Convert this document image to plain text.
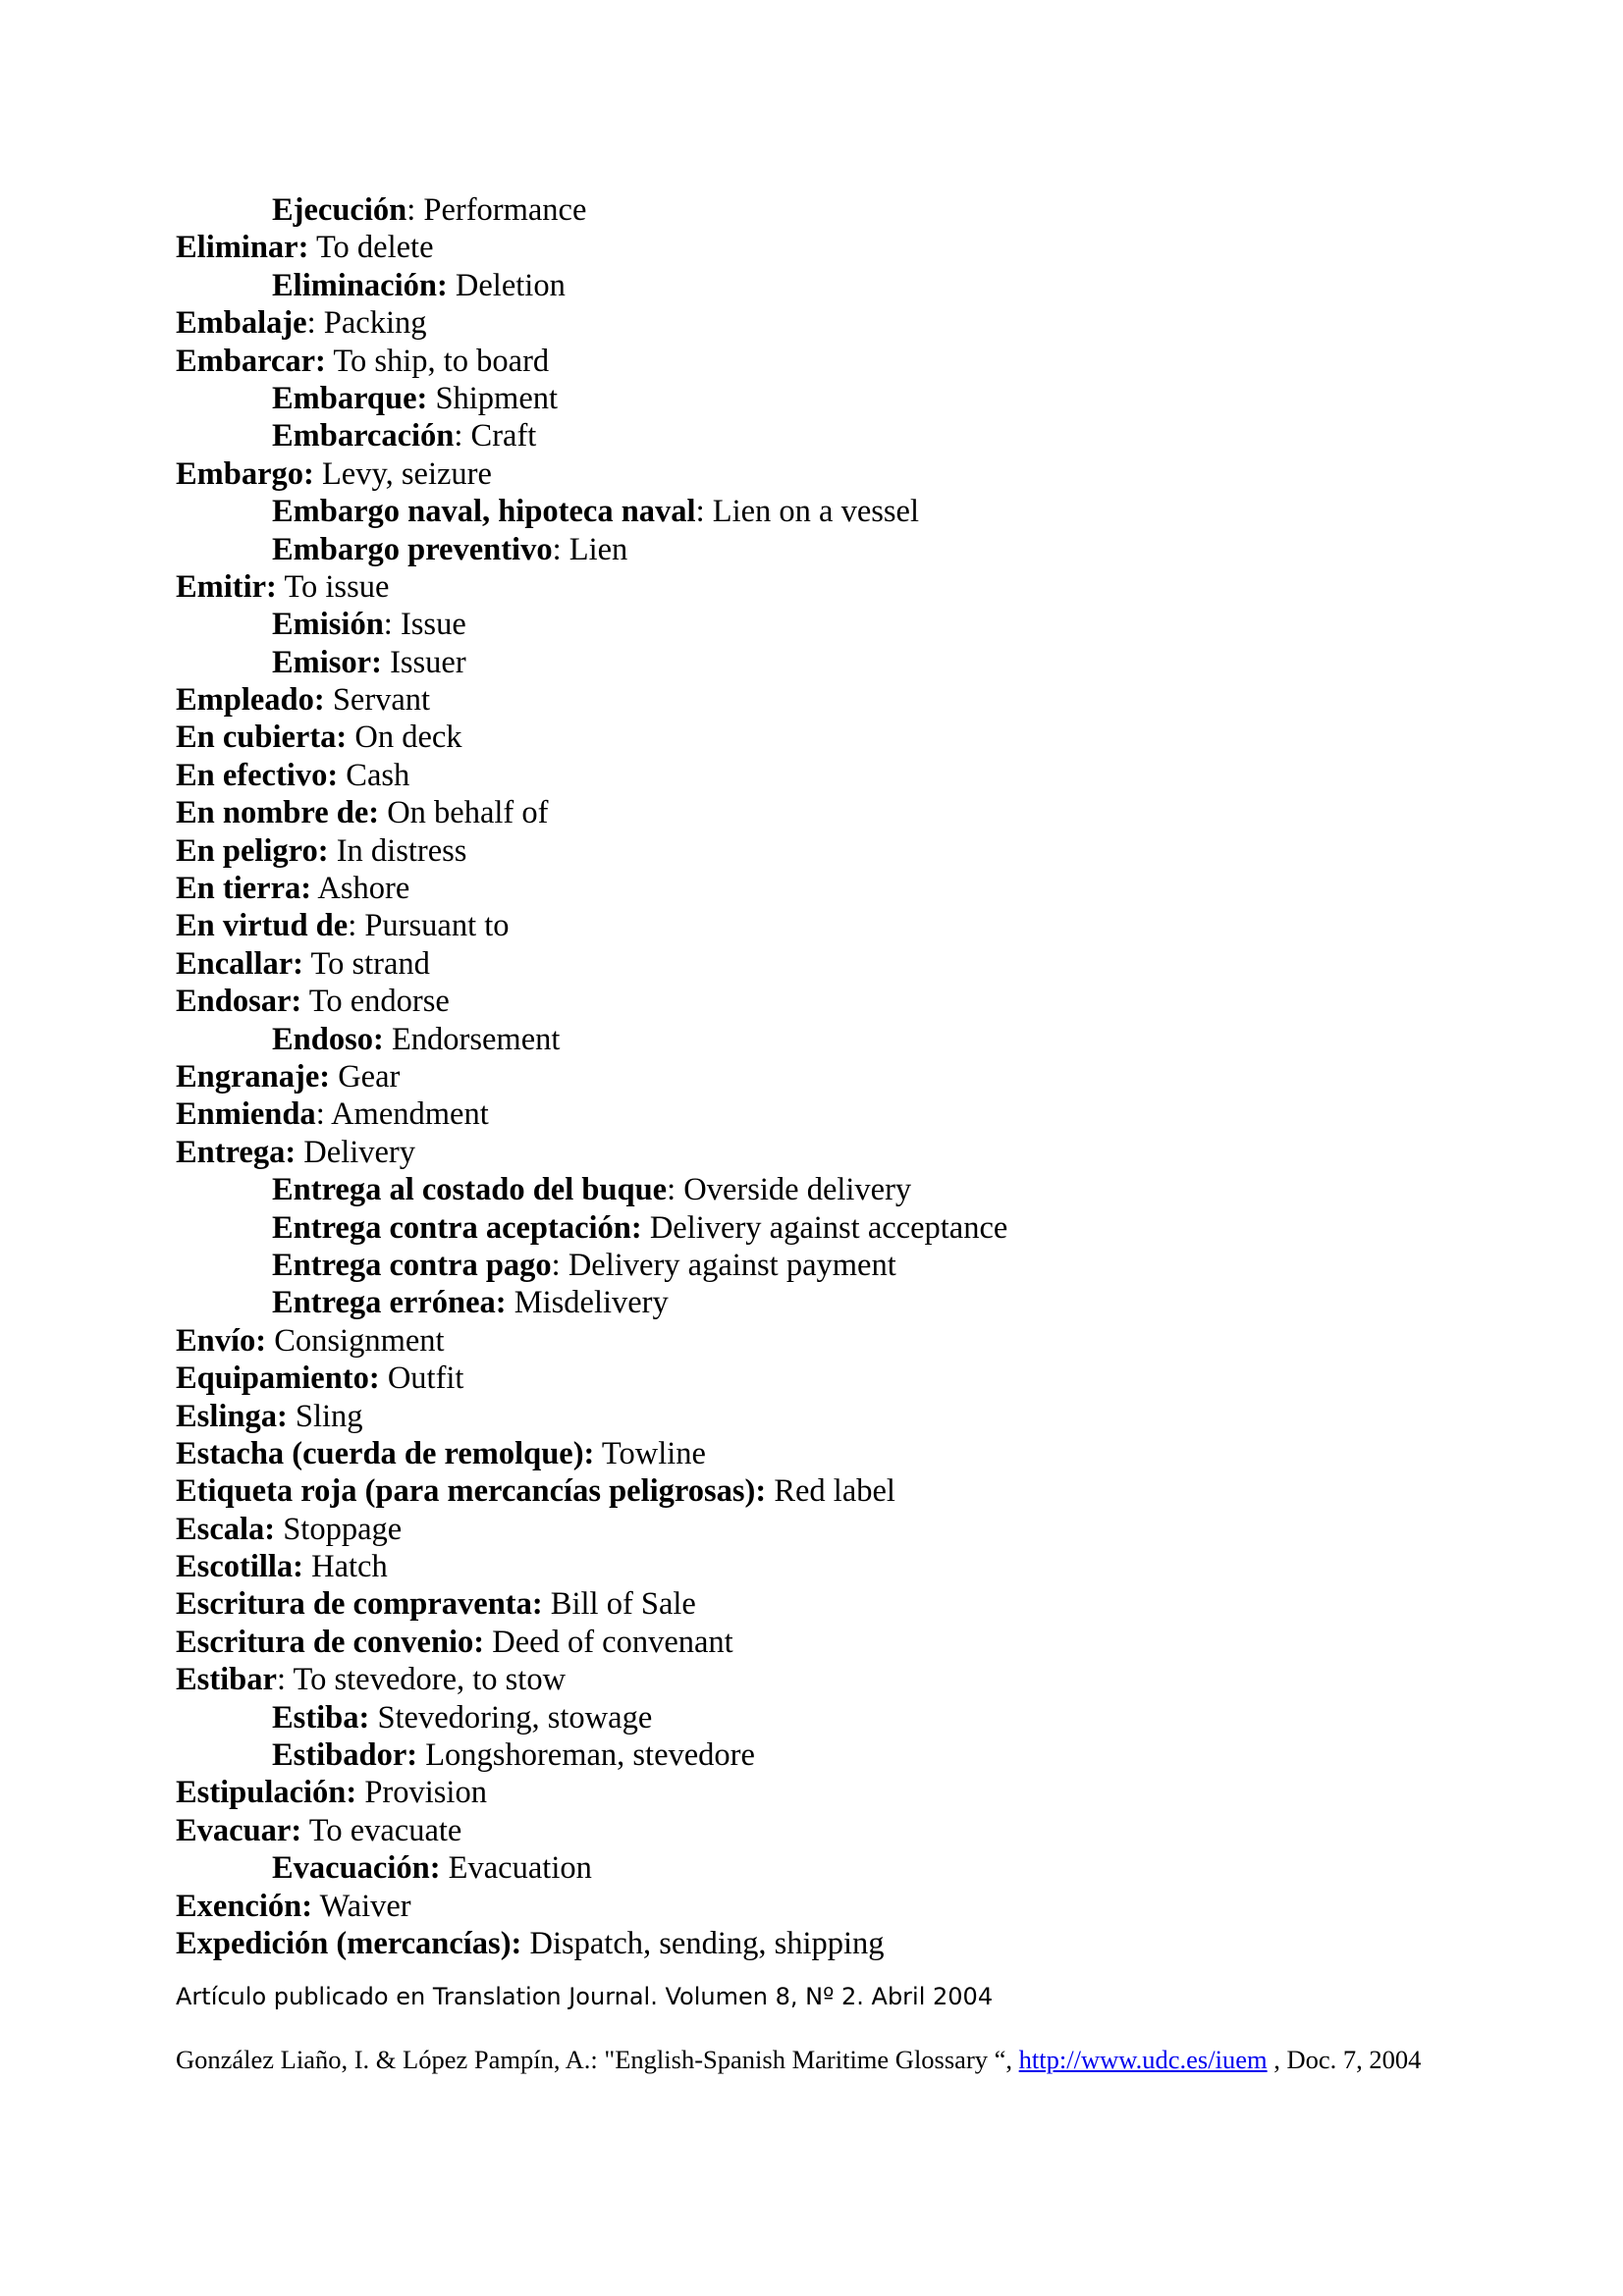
Ejecución: Performance
Eliminar: To delete
Eliminación: Deletion
Embalaje: Packing
Embarcar: To ship, to board
Embarque: Shipment
Embarcación: Craft
Embargo: Levy, seizure
Embargo naval, hipoteca naval: Lien on a vessel
Embargo preventivo: Lien
Emitir: To issue
Emisión: Issue
Emisor: Issuer
Empleado: Servant
En cubierta: On deck
En efectivo: Cash
En nombre de: On behalf of
En peligro: In distress
En tierra: Ashore
En virtud de: Pursuant to
Encallar: To strand
Endosar: To endorse
Endoso: Endorsement
Engranaje: Gear
Enmienda: Amendment
Entrega: Delivery
Entrega al costado del buque: Overside delivery
Entrega contra aceptación: Delivery against acceptance
Entrega contra pago: Delivery against payment
Entrega errónea: Misdelivery
Envío: Consignment
Equipamiento: Outfit
Eslinga: Sling
Estacha (cuerda de remolque): Towline
Etiqueta roja (para mercancías peligrosas): Red label
Escala: Stoppage
Escotilla: Hatch
Escritura de compraventa: Bill of Sale
Escritura de convenio: Deed of convenant
Estibar: To stevedore, to stow
Estiba: Stevedoring, stowage
Estibador: Longshoreman, stevedore
Estipulación: Provision
Evacuar: To evacuate
Evacuación: Evacuation
Exención: Waiver
Expedición (mercancías): Dispatch, sending, shipping
Artículo publicado en Translation Journal. Volumen 8, Nº 2. Abril 2004
González Liaño, I. & López Pampín, A.: "English-Spanish Maritime Glossary “, http://www.udc.es/iuem , Doc. 7, 2004
